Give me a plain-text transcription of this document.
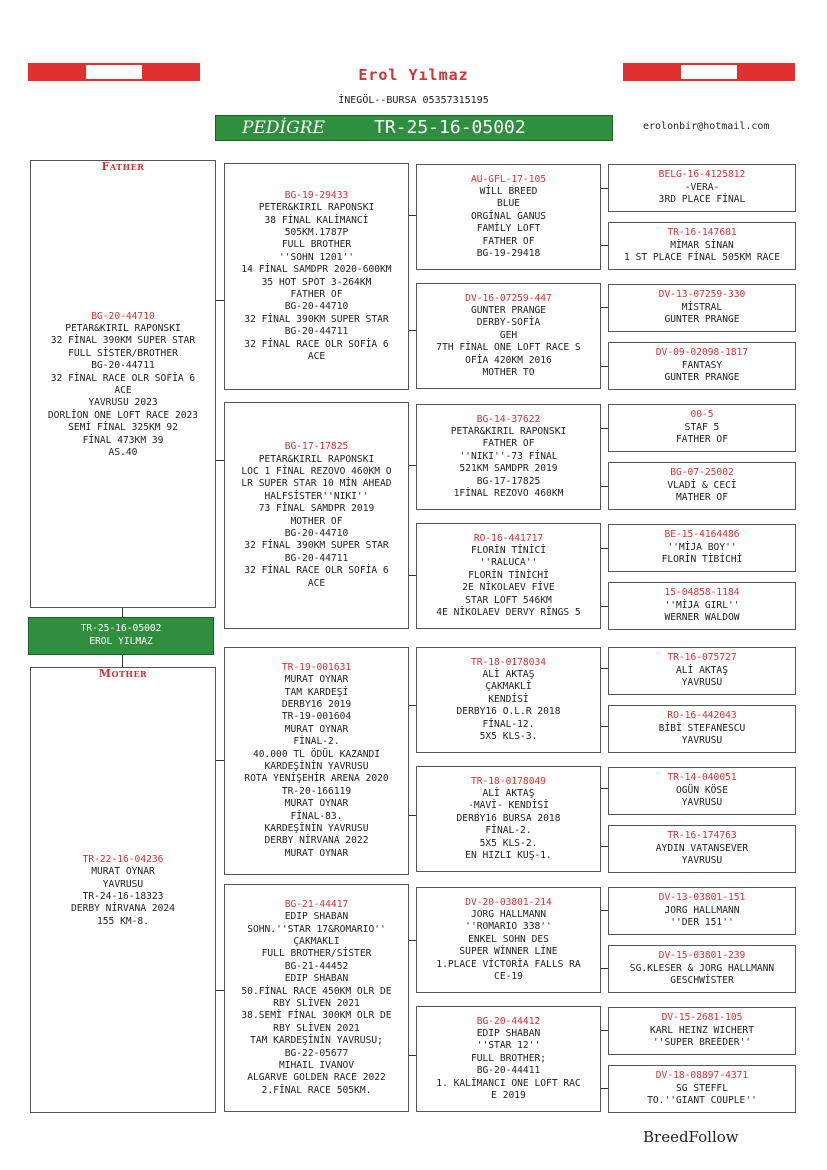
Erol Yılmaz
İNEGÖL--BURSA 05357315195
PEDİGRE	TR-25-16-05002	erolonbir@hotmail.com
Father
BG-20-44710
PETAR&KIRIL RAPONSKI
32 FİNAL 390KM SUPER STAR
FULL SİSTER/BROTHER
BG-20-44711
32 FİNAL RACE OLR SOFİA 6
ACE
YAVRUSU 2023
DORLİON ONE LOFT RACE 2023
SEMİ FİNAL 325KM 92
FİNAL 473KM 39
AS.40
TR-25-16-05002
EROL YILMAZ
Mother
TR-22-16-04236
MURAT OYNAR
YAVRUSU
TR-24-16-18323
DERBY NİRVANA 2024
155 KM-8.
BG-19-29433
PETER&KIRIL RAPONSKI
38 FİNAL KALİMANCİ
505KM.1787P
FULL BROTHER
''SOHN 1201''
14 FİNAL SAMDPR 2020-600KM
35 HOT SPOT 3-264KM
FATHER OF
BG-20-44710
32 FİNAL 390KM SUPER STAR
BG-20-44711
32 FİNAL RACE OLR SOFİA 6
ACE
BG-17-17825
PETAR&KIRIL RAPONSKI
LOC 1 FİNAL REZOVO 460KM O
LR SUPER STAR 10 MİN AHEAD
HALFSİSTER''NIKI''
73 FİNAL SAMDPR 2019
MOTHER OF
BG-20-44710
32 FİNAL 390KM SUPER STAR
BG-20-44711
32 FİNAL RACE OLR SOFİA 6
ACE
TR-19-001631
MURAT OYNAR
TAM KARDEŞİ
DERBY16 2019
TR-19-001604
MURAT OYNAR
FİNAL-2.
40.000 TL ÖDÜL KAZANDI
KARDEŞİNİN YAVRUSU
ROTA YENİŞEHİR ARENA 2020
TR-20-166119
MURAT OYNAR
FİNAL-83.
KARDEŞİNİN YAVRUSU
DERBY NİRVANA 2022
MURAT OYNAR
BG-21-44417
EDIP SHABAN
SOHN.''STAR 17&ROMARIO''
ÇAKMAKLI
FULL BROTHER/SİSTER
BG-21-44452
EDIP SHABAN
50.FİNAL RACE 450KM OLR DE
RBY SLİVEN 2021
38.SEMİ FİNAL 300KM OLR DE
RBY SLİVEN 2021
TAM KARDEŞİNİN YAVRUSU;
BG-22-05677
MIHAIL IVANOV
ALGARVE GOLDEN RACE 2022
2.FİNAL RACE 505KM.
AU-GFL-17-105
WİLL BREED
BLUE
ORGİNAL GANUS
FAMİLY LOFT
FATHER OF
BG-19-29418
DV-16-07259-447
GUNTER PRANGE
DERBY-SOFİA
GEH
7TH FİNAL ONE LOFT RACE S
OFİA 420KM 2016
MOTHER TO
BG-14-37622
PETAR&KIRIL RAPONSKI
FATHER OF
''NIKI''-73 FİNAL
521KM SAMDPR 2019
BG-17-17825
1FİNAL REZOVO 460KM
RO-16-441717
FLORİN TİNİCİ
''RALUCA''
FLORİN TİNİCHİ
2E NİKOLAEV FİVE
STAR LOFT 546KM
4E NİKOLAEV DERVY RİNGS 5
TR-18-0178034
ALİ AKTAŞ
ÇAKMAKLİ
KENDİSİ
DERBY16 O.L.R 2018
FİNAL-12.
5X5 KLS-3.
TR-18-0178049
ALİ AKTAŞ
-MAVİ- KENDİSİ
DERBY16 BURSA 2018
FİNAL-2.
5X5 KLS-2.
EN HIZLI KUŞ-1.
DV-20-03801-214
JORG HALLMANN
''ROMARIO 338''
ENKEL SOHN DES
SUPER WİNNER LİNE
1.PLACE VİCTORİA FALLS RA
CE-19
BG-20-44412
EDIP SHABAN
''STAR 12''
FULL BROTHER;
BG-20-44411
1. KALİMANCI ONE LOFT RAC
E 2019
BELG-16-4125812
-VERA-
3RD PLACE FİNAL
TR-16-147601
MİMAR SİNAN
1 ST PLACE FİNAL 505KM RACE
DV-13-07259-330
MİSTRAL
GUNTER PRANGE
DV-09-02098-1817
FANTASY
GUNTER PRANGE
00-5
STAF 5
FATHER OF
BG-07-25002
VLADİ & CECİ
MATHER OF
BE-15-4164486
''MİJA BOY''
FLORİN TİBİCHİ
15-04858-1184
''MİJA GIRL''
WERNER WALDOW
TR-16-075727
ALİ AKTAŞ
YAVRUSU
RO-16-442043
BİBİ STEFANESCU
YAVRUSU
TR-14-040051
OGÜN KÖSE
YAVRUSU
TR-16-174763
AYDIN VATANSEVER
YAVRUSU
DV-13-03801-151
JORG HALLMANN
''DER 151''
DV-15-03801-239
SG.KLESER & JORG HALLMANN
GESCHWİSTER
DV-15-2681-105
KARL HEINZ WICHERT
''SUPER BREEDER''
DV-18-08897-4371
SG STEFFL
TO.''GIANT COUPLE''
BreedFollow
